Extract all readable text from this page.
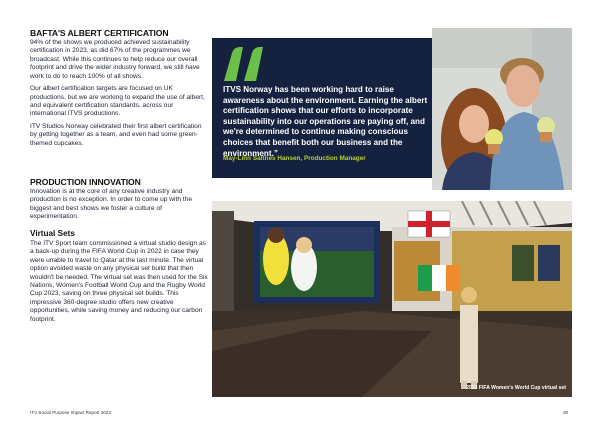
BAFTA'S ALBERT CERTIFICATION

94% of the shows we produced achieved sustainability certification in 2023, as did 67% of the programmes we broadcast. While this continues to help reduce our overall footprint and drive the wider industry forward, we still have work to do to reach 100% of all shows.

Our albert certification targets are focused on UK productions, but we are working to expand the use of albert, and equivalent certification standards, across our international ITVS productions.

ITV Studios Norway celebrated their first albert certification by getting together as a team, and even had some green-themed cupcakes.

ITVS Norway has been working hard to raise awareness about the environment. Earning the albert certification shows that our efforts to incorporate sustainability into our operations are paying off, and we're determined to continue making conscious choices that benefit both our business and the environment.”
May-Linn Saltnes Hansen, Production Manager
PRODUCTION INNOVATION
Innovation is at the core of any creative industry and production is no exception. In order to come up with the biggest and best shows we foster a culture of experimentation.
Virtual Sets
The ITV Sport team commissioned a virtual studio design as a back-up during the FIFA World Cup in 2022 in case they were unable to travel to Qatar at the last minute. The virtual option avoided waste on any physical set build that then wouldn't be needed. The virtual set was then used for the Six Nations, Women's Football World Cup and the Rugby World Cup 2023, saving on three physical set builds. This impressive 360-degree studio offers new creative opportunities, while saving money and reducing our carbon footprint.
2023 FIFA Women's World Cup virtual set
ITV Social Purpose Impact Report 2023	30
